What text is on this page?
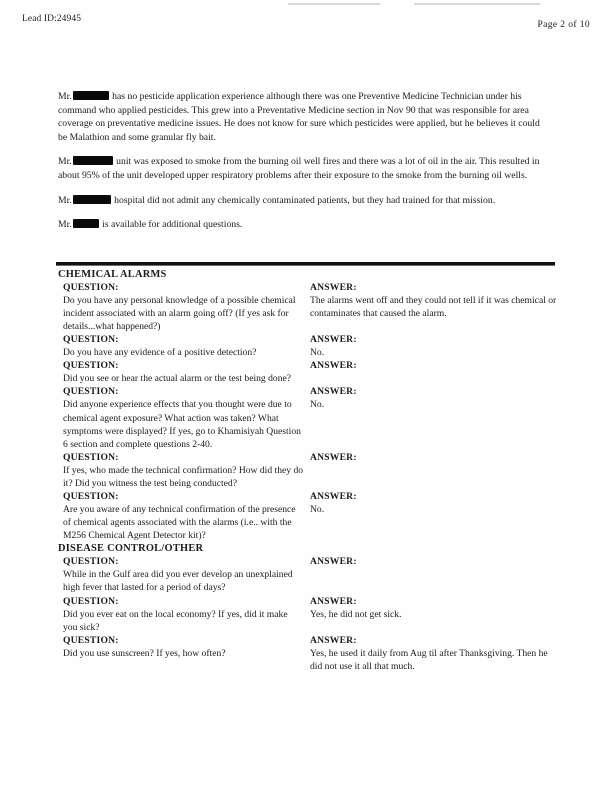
Lead ID:24945
Page 2 of 10

Mr.	has no pesticide application experience although there was one Preventive Medicine Technician under his command who applied pesticides. This grew into a Preventative Medicine section in Nov 90 that was responsible for area coverage on preventative medicine issues. He does not know for sure which pesticides were applied, but he believes it could be Malathion and some granular fly bait.

Mr.	unit was exposed to smoke from the burning oil well fires and there was a lot of oil in the air. This resulted in about 95% of the unit developed upper respiratory problems after their exposure to the smoke from the burning oil wells.

Mr.	hospital did not admit any chemically contaminated patients, but they had trained for that mission.

Mr.	is available for additional questions.

CHEMICAL ALARMS

QUESTION:

Do you have any personal knowledge of a possible chemical incident associated with an alarm going off? (If yes ask for details...what happened?)

ANSWER:

The alarms went off and they could not tell if it was chemical or contaminates that caused the alarm.

QUESTION:

Do you have any evidence of a positive detection?

ANSWER:

No.

QUESTION:

Did you see or hear the actual alarm or the test being done?

ANSWER:

QUESTION:

Did anyone experience effects that you thought were due to chemical agent exposure? What action was taken? What symptoms were displayed? If yes, go to Khamisiyah Question 6 section and complete questions 2-40.

ANSWER:

No.

QUESTION:

If yes, who made the technical confirmation? How did they do it? Did you witness the test being conducted?

ANSWER:

QUESTION:

Are you aware of any technical confirmation of the presence of chemical agents associated with the alarms (i.e.. with the M256 Chemical Agent Detector kit)?

ANSWER:

No.

DISEASE CONTROL/OTHER

QUESTION:

While in the Gulf area did you ever develop an unexplained high fever that lasted for a period of days?

ANSWER:

QUESTION:

Did you ever eat on the local economy? If yes, did it make you sick?

ANSWER:

Yes, he did not get sick.

QUESTION:

Did you use sunscreen? If yes, how often?

ANSWER:

Yes, he used it daily from Aug til after Thanksgiving. Then he did not use it all that much.
